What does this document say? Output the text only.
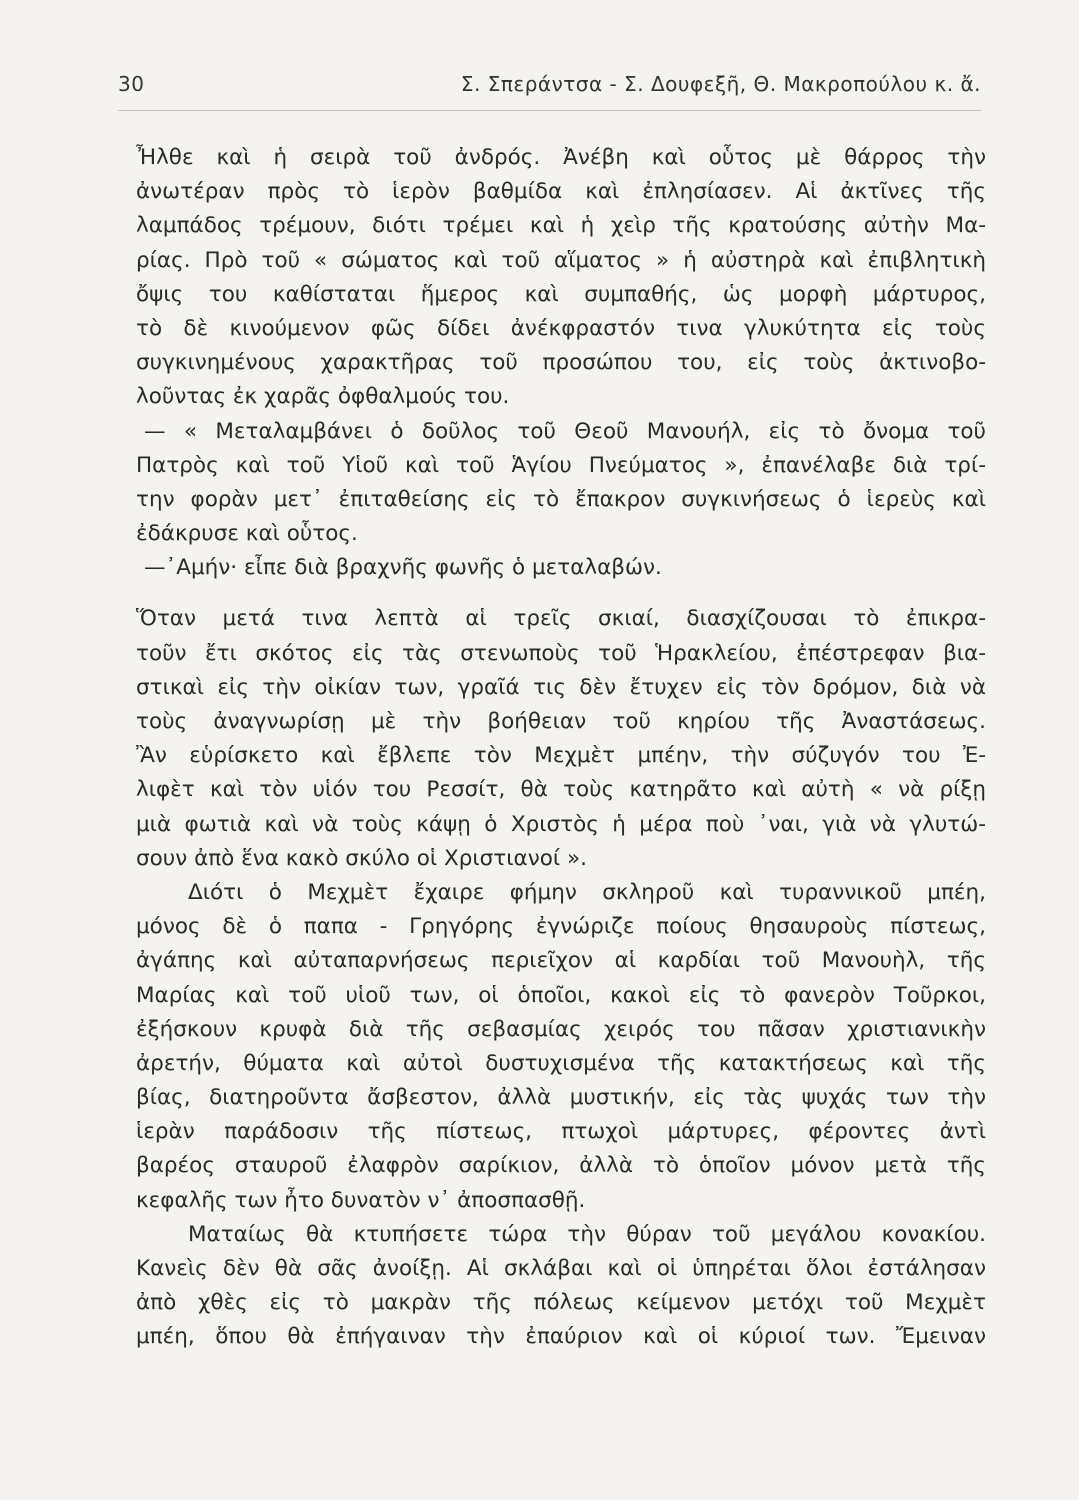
30	Σ. Σπεράντσα - Σ. Δουφεξῆ, Θ. Μακροπούλου κ. ἄ.
Ἦλθε καὶ ἡ σειρὰ τοῦ ἀνδρός. Ἀνέβη καὶ οὗτος μὲ θάρρος τὴν
ἀνωτέραν πρὸς τὸ ἱερὸν βαθμίδα καὶ ἐπλησίασεν. Αἱ ἀκτῖνες τῆς
λαμπάδος τρέμουν, διότι τρέμει καὶ ἡ χεὶρ τῆς κρατούσης αὐτὴν Μα-
ρίας. Πρὸ τοῦ « σώματος καὶ τοῦ αἵματος » ἡ αὐστηρὰ καὶ ἐπιβλητικὴ
ὄψις του καθίσταται ἥμερος καὶ συμπαθής, ὡς μορφὴ μάρτυρος,
τὸ δὲ κινούμενον φῶς δίδει ἀνέκφραστόν τινα γλυκύτητα εἰς τοὺς
συγκινημένους χαρακτῆρας τοῦ προσώπου του, εἰς τοὺς ἀκτινοβο-
λοῦντας ἐκ χαρᾶς ὀφθαλμούς του.
— « Μεταλαμβάνει ὁ δοῦλος τοῦ Θεοῦ Μανουήλ, εἰς τὸ ὄνομα τοῦ
Πατρὸς καὶ τοῦ Υἱοῦ καὶ τοῦ Ἁγίου Πνεύματος », ἐπανέλαβε διὰ τρί-
την φορὰν μετ᾿ ἐπιταθείσης εἰς τὸ ἔπακρον συγκινήσεως ὁ ἱερεὺς καὶ
ἐδάκρυσε καὶ οὗτος.
—᾿Αμήν· εἶπε διὰ βραχνῆς φωνῆς ὁ μεταλαβών.
Ὅταν μετά τινα λεπτὰ αἱ τρεῖς σκιαί, διασχίζουσαι τὸ ἐπικρα-
τοῦν ἔτι σκότος εἰς τὰς στενωποὺς τοῦ Ἡρακλείου, ἐπέστρεφαν βια-
στικαὶ εἰς τὴν οἰκίαν των, γραῖά τις δὲν ἔτυχεν εἰς τὸν δρόμον, διὰ νὰ
τοὺς ἀναγνωρίσῃ μὲ τὴν βοήθειαν τοῦ κηρίου τῆς Ἀναστάσεως.
Ἂν εὑρίσκετο καὶ ἔβλεπε τὸν Μεχμὲτ μπέην, τὴν σύζυγόν του Ἐ-
λιφὲτ καὶ τὸν υἱόν του Ρεσσίτ, θὰ τοὺς κατηρᾶτο καὶ αὐτὴ « νὰ ρίξῃ
μιὰ φωτιὰ καὶ νὰ τοὺς κάψῃ ὁ Χριστὸς ἡ μέρα ποὺ ᾿ναι, γιὰ νὰ γλυτώ-
σουν ἀπὸ ἕνα κακὸ σκύλο οἱ Χριστιανοί ».
Διότι ὁ Μεχμὲτ ἔχαιρε φήμην σκληροῦ καὶ τυραννικοῦ μπέη,
μόνος δὲ ὁ παπα - Γρηγόρης ἐγνώριζε ποίους θησαυροὺς πίστεως,
ἀγάπης καὶ αὐταπαρνήσεως περιεῖχον αἱ καρδίαι τοῦ Μανουὴλ, τῆς
Μαρίας καὶ τοῦ υἱοῦ των, οἱ ὁποῖοι, κακοὶ εἰς τὸ φανερὸν Τοῦρκοι,
ἐξήσκουν κρυφὰ διὰ τῆς σεβασμίας χειρός του πᾶσαν χριστιανικὴν
ἀρετήν, θύματα καὶ αὐτοὶ δυστυχισμένα τῆς κατακτήσεως καὶ τῆς
βίας, διατηροῦντα ἄσβεστον, ἀλλὰ μυστικήν, εἰς τὰς ψυχάς των τὴν
ἱερὰν παράδοσιν τῆς πίστεως, πτωχοὶ μάρτυρες, φέροντες ἀντὶ
βαρέος σταυροῦ ἐλαφρὸν σαρίκιον, ἀλλὰ τὸ ὁποῖον μόνον μετὰ τῆς
κεφαλῆς των ἦτο δυνατὸν ν᾿ ἀποσπασθῇ.
Ματαίως θὰ κτυπήσετε τώρα τὴν θύραν τοῦ μεγάλου κονακίου.
Κανεὶς δὲν θὰ σᾶς ἀνοίξῃ. Αἱ σκλάβαι καὶ οἱ ὑπηρέται ὅλοι ἐστάλησαν
ἀπὸ χθὲς εἰς τὸ μακρὰν τῆς πόλεως κείμενον μετόχι τοῦ Μεχμὲτ
μπέη, ὅπου θὰ ἐπήγαιναν τὴν ἐπαύριον καὶ οἱ κύριοί των. Ἔμειναν
